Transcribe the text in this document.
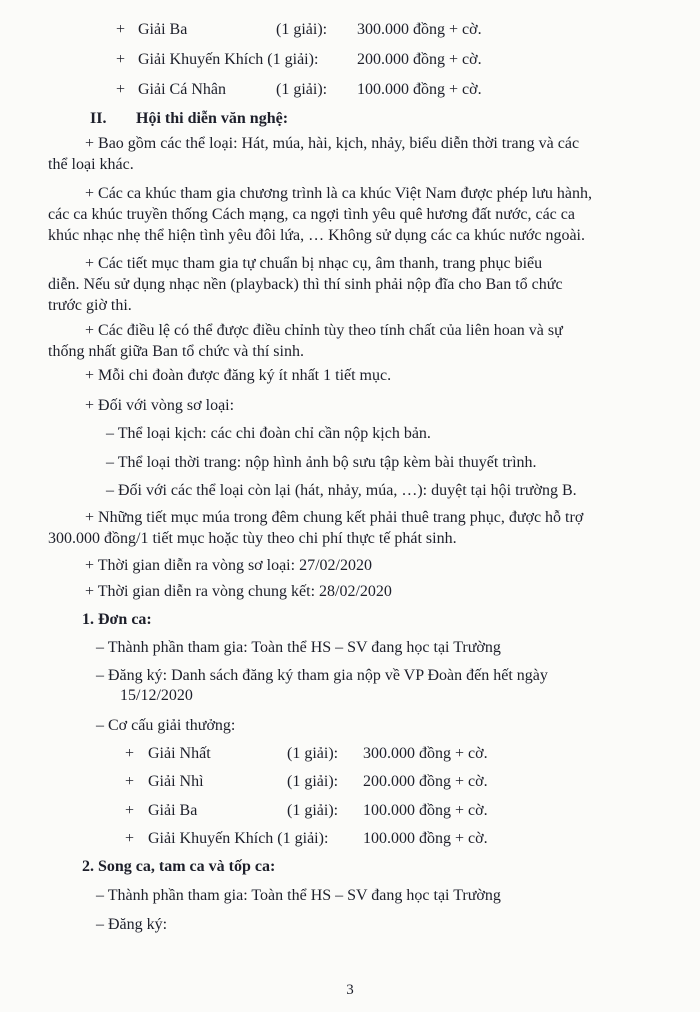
+ Giải Ba	(1 giải): 300.000 đồng + cờ.
+ Giải Khuyến Khích (1 giải): 200.000 đồng + cờ.
+ Giải Cá Nhân	(1 giải): 100.000 đồng + cờ.
II. Hội thi diễn văn nghệ:
+ Bao gồm các thể loại: Hát, múa, hài, kịch, nhảy, biểu diễn thời trang và các
thể loại khác.
+ Các ca khúc tham gia chương trình là ca khúc Việt Nam được phép lưu hành,
các ca khúc truyền thống Cách mạng, ca ngợi tình yêu quê hương đất nước, các ca
khúc nhạc nhẹ thể hiện tình yêu đôi lứa, … Không sử dụng các ca khúc nước ngoài.
+ Các tiết mục tham gia tự chuẩn bị nhạc cụ, âm thanh, trang phục biểu
diễn. Nếu sử dụng nhạc nền (playback) thì thí sinh phải nộp đĩa cho Ban tổ chức
trước giờ thi.
+ Các điều lệ có thể được điều chỉnh tùy theo tính chất của liên hoan và sự
thống nhất giữa Ban tổ chức và thí sinh.
+ Mỗi chi đoàn được đăng ký ít nhất 1 tiết mục.
+ Đối với vòng sơ loại:
– Thể loại kịch: các chi đoàn chỉ cần nộp kịch bản.
– Thể loại thời trang: nộp hình ảnh bộ sưu tập kèm bài thuyết trình.
– Đối với các thể loại còn lại (hát, nhảy, múa, …): duyệt tại hội trường B.
+ Những tiết mục múa trong đêm chung kết phải thuê trang phục, được hỗ trợ
300.000 đồng/1 tiết mục hoặc tùy theo chi phí thực tế phát sinh.
+ Thời gian diễn ra vòng sơ loại: 27/02/2020
+ Thời gian diễn ra vòng chung kết: 28/02/2020
1. Đơn ca:
– Thành phần tham gia: Toàn thể HS – SV đang học tại Trường
– Đăng ký: Danh sách đăng ký tham gia nộp về VP Đoàn đến hết ngày
15/12/2020
– Cơ cấu giải thưởng:
+ Giải Nhất	(1 giải): 300.000 đồng + cờ.
+ Giải Nhì	(1 giải): 200.000 đồng + cờ.
+ Giải Ba	(1 giải): 100.000 đồng + cờ.
+ Giải Khuyến Khích (1 giải): 100.000 đồng + cờ.
2. Song ca, tam ca và tốp ca:
– Thành phần tham gia: Toàn thể HS – SV đang học tại Trường
– Đăng ký:
3
